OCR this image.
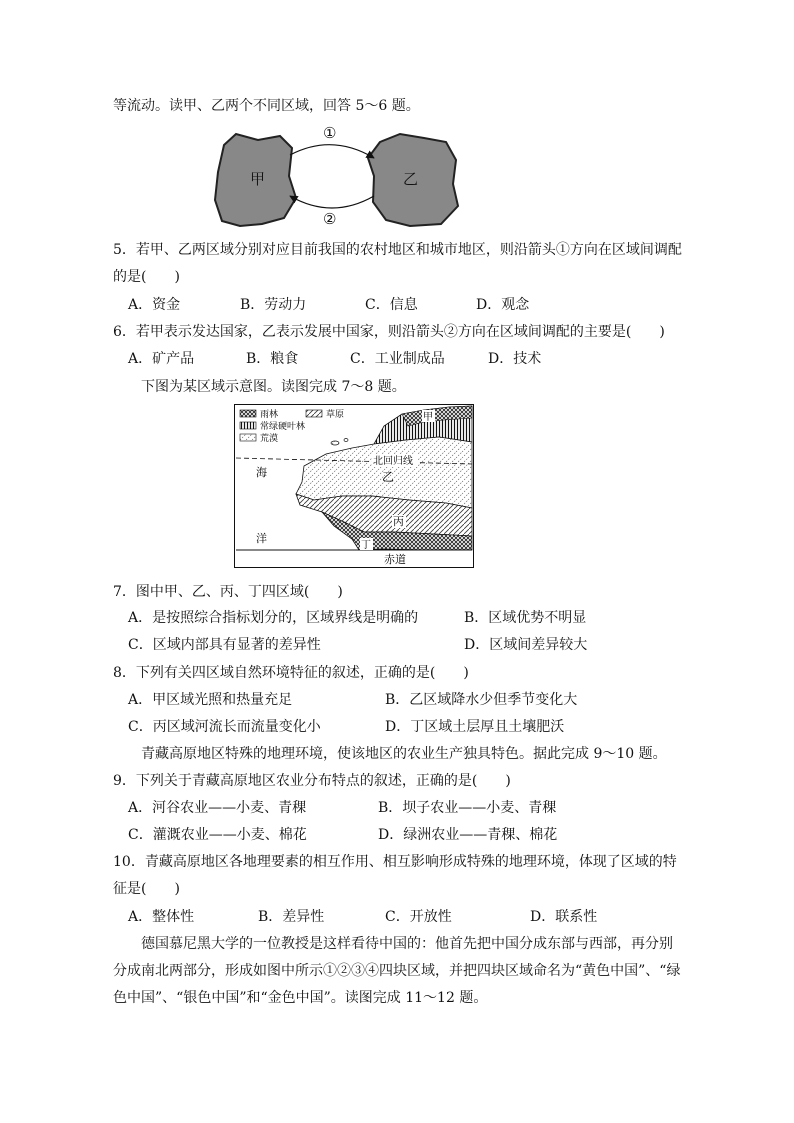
等流动。读甲、乙两个不同区域，回答 5～6 题。
甲	乙
①
②
5．若甲、乙两区域分别对应目前我国的农村地区和城市地区，则沿箭头①方向在区域间调配
的是(　　)
A．资金	B．劳动力	C．信息	D．观念
6．若甲表示发达国家，乙表示发展中国家，则沿箭头②方向在区域间调配的主要是(　　)
A．矿产品	B．粮食	C．工业制成品	D．技术
下图为某区域示意图。读图完成 7～8 题。
雨林	草原
常绿硬叶林
荒漠
甲
北回归线
乙
丙
丁
海
洋
赤道
7．图中甲、乙、丙、丁四区域(　　)
A．是按照综合指标划分的，区域界线是明确的	B．区域优势不明显
C．区域内部具有显著的差异性	D．区域间差异较大
8．下列有关四区域自然环境特征的叙述，正确的是(　　)
A．甲区域光照和热量充足	B．乙区域降水少但季节变化大
C．丙区域河流长而流量变化小	D．丁区域土层厚且土壤肥沃
青藏高原地区特殊的地理环境，使该地区的农业生产独具特色。据此完成 9～10 题。
9．下列关于青藏高原地区农业分布特点的叙述，正确的是(　　)
A．河谷农业——小麦、青稞	B．坝子农业——小麦、青稞
C．灌溉农业——小麦、棉花	D．绿洲农业——青稞、棉花
10．青藏高原地区各地理要素的相互作用、相互影响形成特殊的地理环境，体现了区域的特
征是(　　)
A．整体性	B．差异性	C．开放性	D．联系性
德国慕尼黑大学的一位教授是这样看待中国的：他首先把中国分成东部与西部，再分别
分成南北两部分，形成如图中所示①②③④四块区域，并把四块区域命名为“黄色中国”、“绿
色中国”、“银色中国”和“金色中国”。读图完成 11～12 题。
